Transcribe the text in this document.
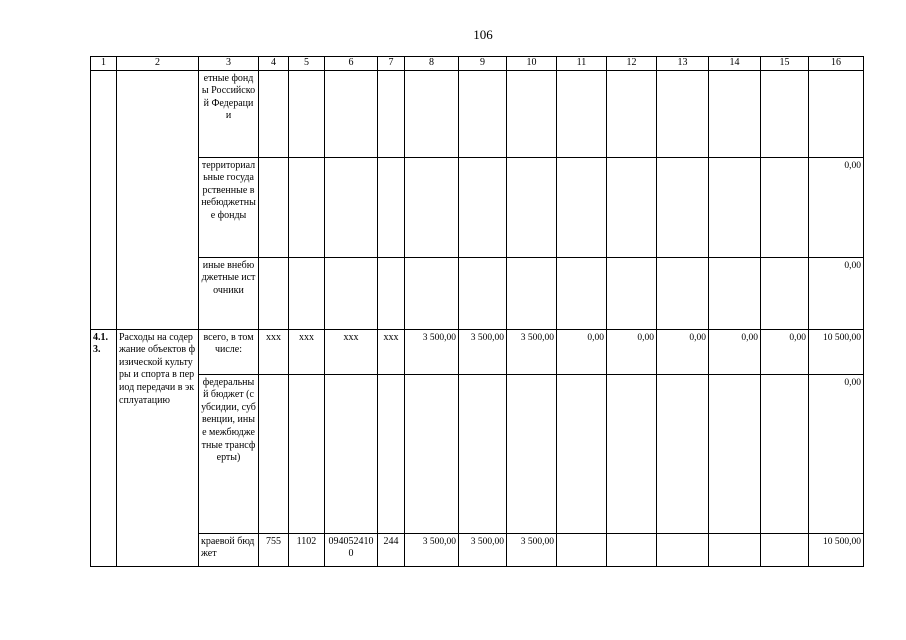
106
1	2	3	4	5	6	7	8	9	10	11	12	13	14	15	16
		етные фонды Российской Федерации													
		территориальные государственные внебюджетные фонды													0,00
		иные внебюджетные источники													0,00
4.1.3.	Расходы на содержание объектов физической культуры и спорта в период передачи в эксплуатацию	всего, в том числе:	ххх	ххх	ххх	ххх	3 500,00	3 500,00	3 500,00	0,00	0,00	0,00	0,00	0,00	10 500,00
		федеральный бюджет (субсидии, субвенции, иные межбюджетные трансферты)													0,00
		краевой бюджет	755	1102	0940524100	244	3 500,00	3 500,00	3 500,00						10 500,00
